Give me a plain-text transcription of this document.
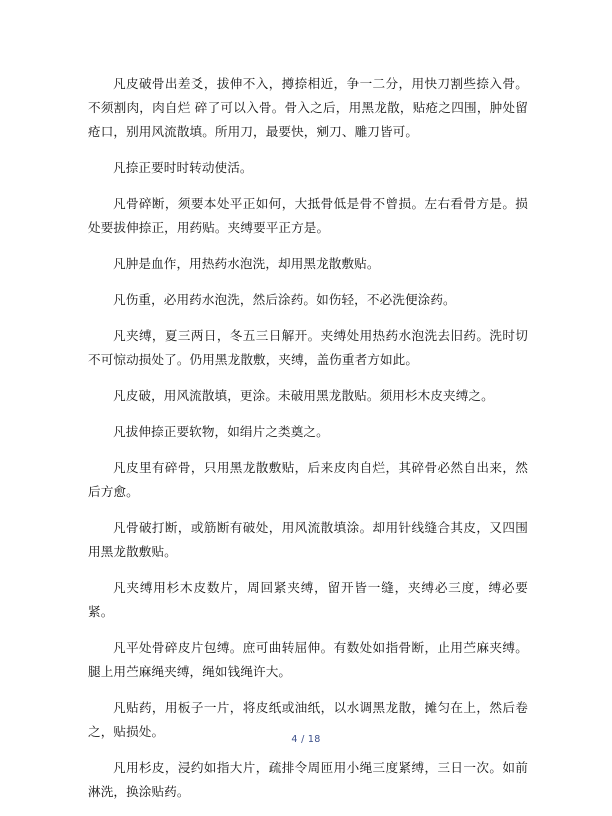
凡皮破骨出差爻，拔伸不入，撙捺相近，争一二分，用快刀割些捺入骨。不须割肉，肉自烂 碎了可以入骨。骨入之后，用黑龙散，贴疮之四围，肿处留疮口，别用风流散填。所用刀，最要快，剜刀、雕刀皆可。

凡捺正要时时转动使活。

凡骨碎断，须要本处平正如何，大抵骨低是骨不曾损。左右看骨方是。损处要拔伸捺正，用药贴。夹缚要平正方是。

凡肿是血作，用热药水泡洗，却用黑龙散敷贴。

凡伤重，必用药水泡洗，然后涂药。如伤轻，不必洗便涂药。

凡夹缚，夏三两日，冬五三日解开。夹缚处用热药水泡洗去旧药。洗时切不可惊动损处了。仍用黑龙散敷，夹缚，盖伤重者方如此。

凡皮破，用风流散填，更涂。未破用黑龙散贴。须用杉木皮夹缚之。

凡拔伸捺正要软物，如绢片之类奠之。

凡皮里有碎骨，只用黑龙散敷贴，后来皮肉自烂，其碎骨必然自出来，然后方愈。

凡骨破打断，或筋断有破处，用风流散填涂。却用针线缝合其皮，又四围用黑龙散敷贴。

凡夹缚用杉木皮数片，周回紧夹缚，留开皆一缝，夹缚必三度，缚必要紧。

凡平处骨碎皮片包缚。庶可曲转屈伸。有数处如指骨断，止用苎麻夹缚。腿上用苎麻绳夹缚，绳如钱绳许大。

凡贴药，用板子一片，将皮纸或油纸，以水调黑龙散，摊匀在上，然后卷之，贴损处。

凡用杉皮，浸约如指大片，疏排令周匝用小绳三度紧缚，三日一次。如前淋洗，换涂贴药。

4 / 18
